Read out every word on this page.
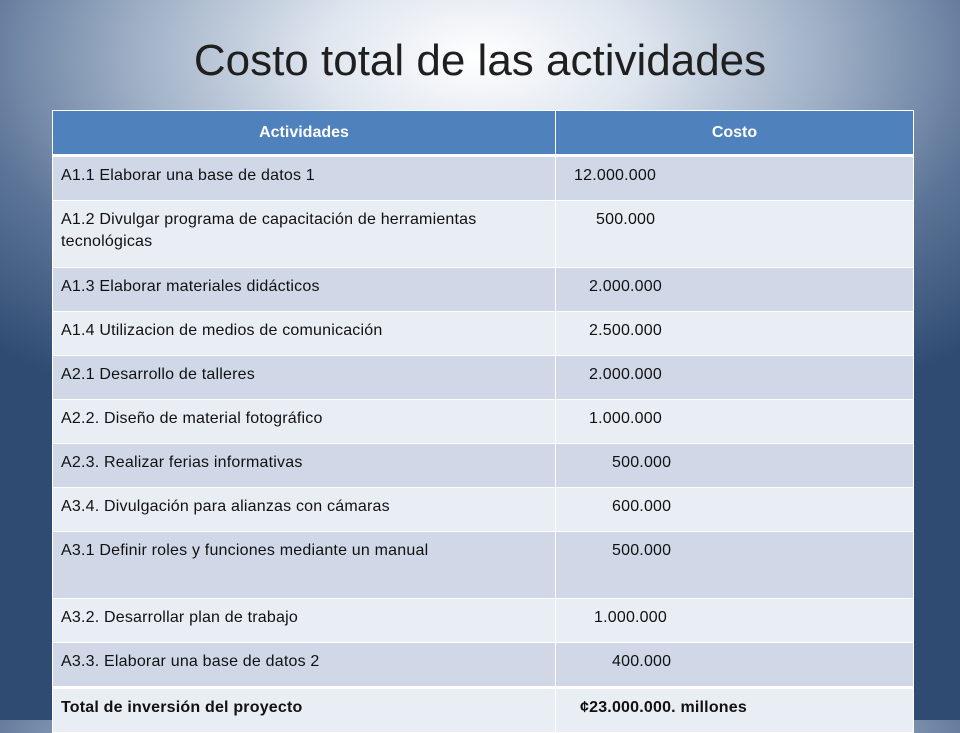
Costo total de las actividades
Actividades	Costo
A1.1 Elaborar una base de datos 1	12.000.000
A1.2 Divulgar programa de capacitación de herramientas tecnológicas	500.000
A1.3 Elaborar materiales didácticos	2.000.000
A1.4 Utilizacion de medios de comunicación	2.500.000
A2.1 Desarrollo de talleres	2.000.000
A2.2. Diseño de material fotográfico	1.000.000
A2.3. Realizar ferias informativas	500.000
A3.4. Divulgación para alianzas con cámaras	600.000
A3.1 Definir roles y funciones mediante un manual	500.000
A3.2. Desarrollar plan de trabajo	1.000.000
A3.3. Elaborar una base de datos 2	400.000
Total de inversión del proyecto	¢23.000.000. millones
